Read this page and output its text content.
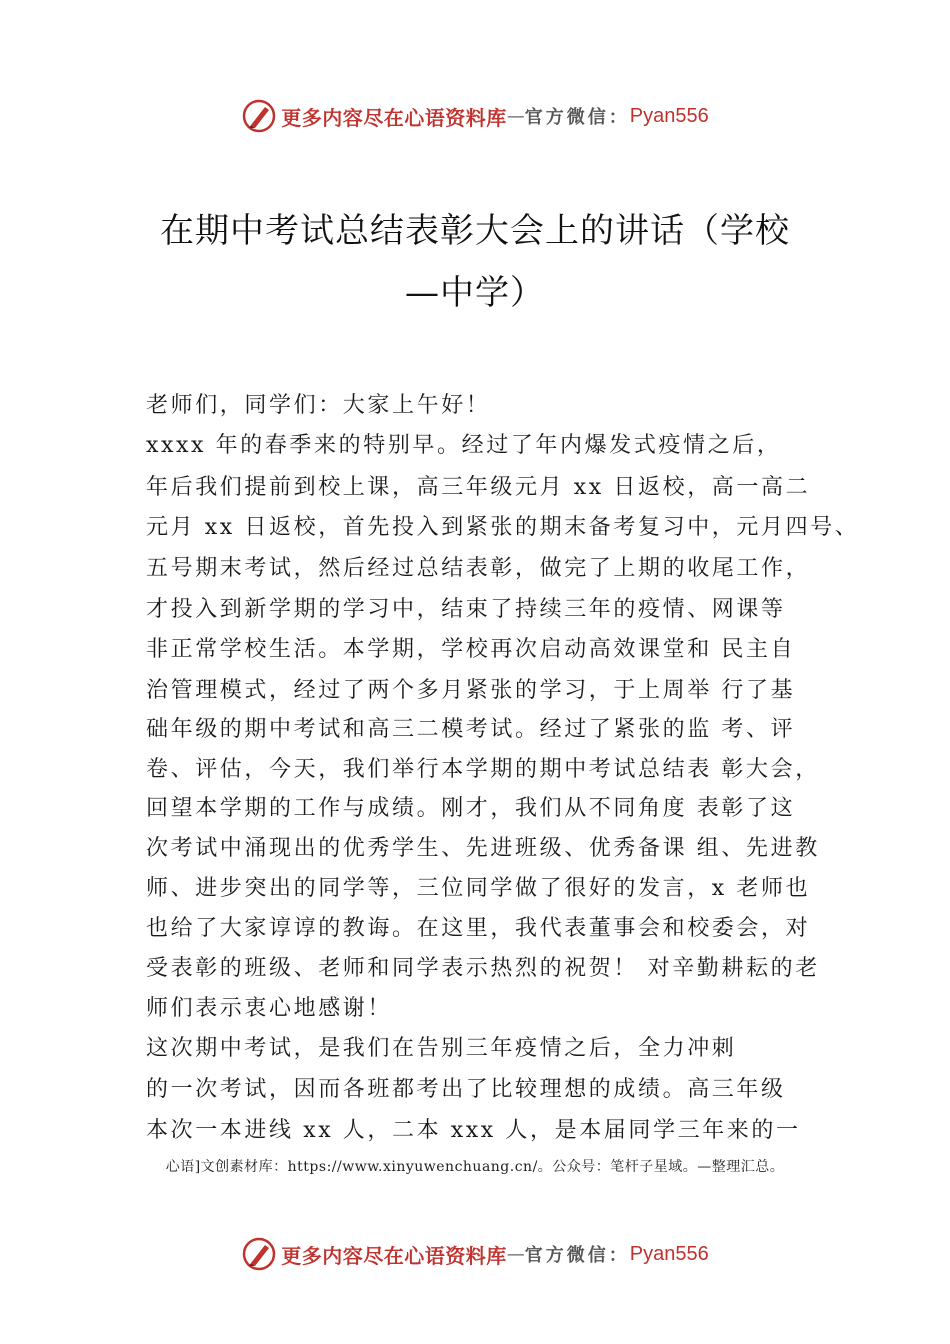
更多内容尽在心语资料库 — 官方微信： Pyan556
在期中考试总结表彰大会上的讲话（学校
—中学）
老师们，同学们：大家上午好！
xxxx 年的春季来的特别早。经过了年内爆发式疫情之后，
年后我们提前到校上课，高三年级元月 xx 日返校，高一高二
元月 xx 日返校，首先投入到紧张的期末备考复习中，元月四号、
五号期末考试，然后经过总结表彰，做完了上期的收尾工作，
才投入到新学期的学习中，结束了持续三年的疫情、网课等
非正常学校生活。本学期，学校再次启动高效课堂和 民主自
治管理模式，经过了两个多月紧张的学习，于上周举 行了基
础年级的期中考试和高三二模考试。经过了紧张的监 考、评
卷、评估，今天，我们举行本学期的期中考试总结表 彰大会，
回望本学期的工作与成绩。刚才，我们从不同角度 表彰了这
次考试中涌现出的优秀学生、先进班级、优秀备课 组、先进教
师、进步突出的同学等，三位同学做了很好的发言，x 老师也
也给了大家谆谆的教诲。在这里，我代表董事会和校委会，对
受表彰的班级、老师和同学表示热烈的祝贺！ 对辛勤耕耘的老
师们表示衷心地感谢！
这次期中考试，是我们在告别三年疫情之后，全力冲刺
的一次考试，因而各班都考出了比较理想的成绩。高三年级
本次一本进线 xx 人，二本 xxx 人，是本届同学三年来的一
心语]文创素材库：https://www.xinyuwenchuang.cn/。公众号：笔杆子星域。—整理汇总。
更多内容尽在心语资料库 — 官方微信： Pyan556
